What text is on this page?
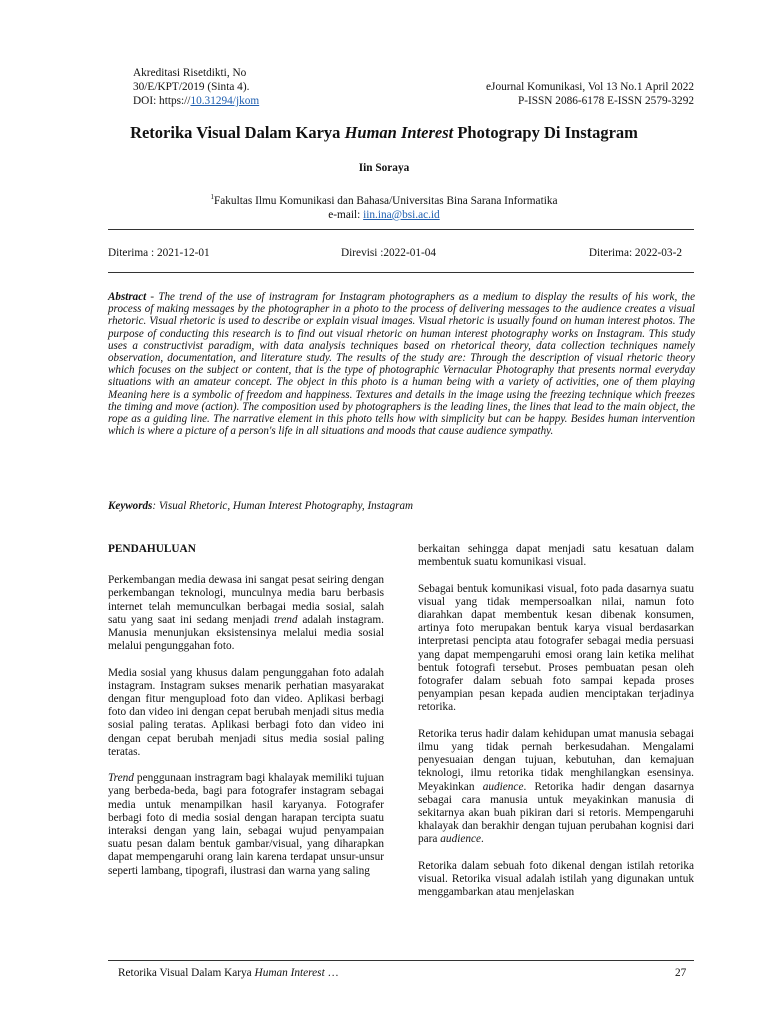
Akreditasi Risetdikti, No
30/E/KPT/2019 (Sinta 4).
DOI: https://10.31294/jkom
eJournal Komunikasi, Vol 13 No.1 April 2022
P-ISSN 2086-6178 E-ISSN 2579-3292
Retorika Visual Dalam Karya Human Interest Photograpy Di Instagram
Iin Soraya
$^1$Fakultas Ilmu Komunikasi dan Bahasa/Universitas Bina Sarana Informatika
e-mail: iin.ina@bsi.ac.id
Diterima : 2021-12-01	Direvisi :2022-01-04	Diterima: 2022-03-2
Abstract - The trend of the use of instragram for Instagram photographers as a medium to display the results of his work, the process of making messages by the photographer in a photo to the process of delivering messages to the audience creates a visual rhetoric. Visual rhetoric is used to describe or explain visual images. Visual rhetoric is usually found on human interest photos. The purpose of conducting this research is to find out visual rhetoric on human interest photography works on Instagram. This study uses a constructivist paradigm, with data analysis techniques based on rhetorical theory, data collection techniques namely observation, documentation, and literature study. The results of the study are: Through the description of visual rhetoric theory which focuses on the subject or content, that is the type of photographic Vernacular Photography that presents normal everyday situations with an amateur concept. The object in this photo is a human being with a variety of activities, one of them playing Meaning here is a symbolic of freedom and happiness. Textures and details in the image using the freezing technique which freezes the timing and move (action). The composition used by photographers is the leading lines, the lines that lead to the main object, the rope as a guiding line. The narrative element in this photo tells how with simplicity but can be happy. Besides human intervention which is where a picture of a person's life in all situations and moods that cause audience sympathy.
Keywords: Visual Rhetoric, Human Interest Photography, Instagram

PENDAHULUAN

Perkembangan media dewasa ini sangat pesat seiring dengan perkembangan teknologi, munculnya media baru berbasis internet telah memunculkan berbagai media sosial, salah satu yang saat ini sedang menjadi trend adalah instagram. Manusia menunjukan eksistensinya melalui media sosial melalui pengunggahan foto.

Media sosial yang khusus dalam pengunggahan foto adalah instagram. Instagram sukses menarik perhatian masyarakat dengan fitur mengupload foto dan video. Aplikasi berbagi foto dan video ini dengan cepat berubah menjadi situs media sosial paling teratas. Aplikasi berbagi foto dan video ini dengan cepat berubah menjadi situs media sosial paling teratas.

Trend penggunaan instragram bagi khalayak memiliki tujuan yang berbeda-beda, bagi para fotografer instagram sebagai media untuk menampilkan hasil karyanya. Fotografer berbagi foto di media sosial dengan harapan tercipta suatu interaksi dengan yang lain, sebagai wujud penyampaian suatu pesan dalam bentuk gambar/visual, yang diharapkan dapat mempengaruhi orang lain karena terdapat unsur-unsur seperti lambang, tipografi, ilustrasi dan warna yang saling

berkaitan sehingga dapat menjadi satu kesatuan dalam membentuk suatu komunikasi visual.

Sebagai bentuk komunikasi visual, foto pada dasarnya suatu visual yang tidak mempersoalkan nilai, namun foto diarahkan dapat membentuk kesan dibenak konsumen, artinya foto merupakan bentuk karya visual berdasarkan interpretasi pencipta atau fotografer sebagai media persuasi yang dapat mempengaruhi emosi orang lain ketika melihat bentuk fotografi tersebut. Proses pembuatan pesan oleh fotografer dalam sebuah foto sampai kepada proses penyampian pesan kepada audien menciptakan terjadinya retorika.

Retorika terus hadir dalam kehidupan umat manusia sebagai ilmu yang tidak pernah berkesudahan. Mengalami penyesuaian dengan tujuan, kebutuhan, dan kemajuan teknologi, ilmu retorika tidak menghilangkan esensinya. Meyakinkan audience. Retorika hadir dengan dasarnya sebagai cara manusia untuk meyakinkan manusia di sekitarnya akan buah pikiran dari si retoris. Mempengaruhi khalayak dan berakhir dengan tujuan perubahan kognisi dari para audience.

Retorika dalam sebuah foto dikenal dengan istilah retorika visual. Retorika visual adalah istilah yang digunakan untuk menggambarkan atau menjelaskan

Retorika Visual Dalam Karya Human Interest …	27
